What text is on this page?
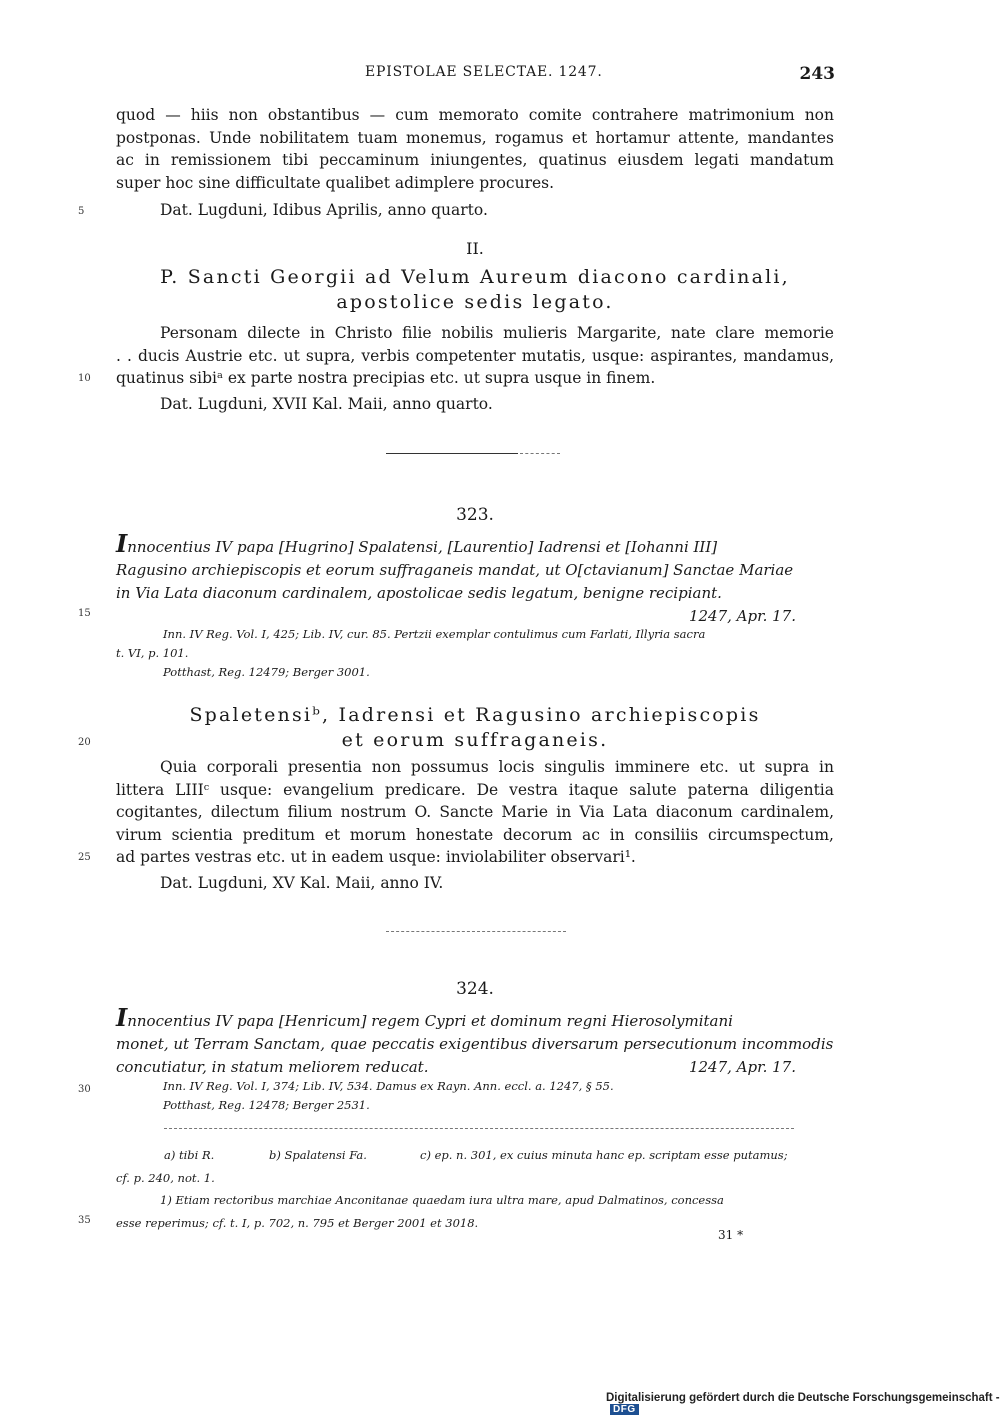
EPISTOLAE SELECTAE. 1247.	243
quod — hiis non obstantibus — cum memorato comite contrahere matrimonium non
postponas. Unde nobilitatem tuam monemus, rogamus et hortamur attente, mandantes
ac in remissionem tibi peccaminum iniungentes, quatinus eiusdem legati mandatum
super hoc sine difficultate qualibet adimplere procures.
Dat. Lugduni, Idibus Aprilis, anno quarto.
II.
P. Sancti Georgii ad Velum Aureum diacono cardinali,
apostolice sedis legato.
Personam dilecte in Christo filie nobilis mulieris Margarite, nate clare memorie
. . ducis Austrie etc. ut supra, verbis competenter mutatis, usque: aspirantes, mandamus,
quatinus sibiᵃ ex parte nostra precipias etc. ut supra usque in finem.
Dat. Lugduni, XVII Kal. Maii, anno quarto.
323.
Innocentius IV papa [Hugrino] Spalatensi, [Laurentio] Iadrensi et [Iohanni III]
Ragusino archiepiscopis et eorum suffraganeis mandat, ut O[ctavianum] Sanctae Mariae
in Via Lata diaconum cardinalem, apostolicae sedis legatum, benigne recipiant.
1247, Apr. 17.
Inn. IV Reg. Vol. I, 425; Lib. IV, cur. 85. Pertzii exemplar contulimus cum Farlati, Illyria sacra
t. VI, p. 101.
Potthast, Reg. 12479; Berger 3001.
Spaletensiᵇ, Iadrensi et Ragusino archiepiscopis
et eorum suffraganeis.
Quia corporali presentia non possumus locis singulis imminere etc. ut supra in
littera LIIIᶜ usque: evangelium predicare. De vestra itaque salute paterna diligentia
cogitantes, dilectum filium nostrum O. Sancte Marie in Via Lata diaconum cardinalem,
virum scientia preditum et morum honestate decorum ac in consiliis circumspectum,
ad partes vestras etc. ut in eadem usque: inviolabiliter observari¹.
Dat. Lugduni, XV Kal. Maii, anno IV.
324.
Innocentius IV papa [Henricum] regem Cypri et dominum regni Hierosolymitani
monet, ut Terram Sanctam, quae peccatis exigentibus diversarum persecutionum incommodis
concutiatur, in statum meliorem reducat.	1247, Apr. 17.
Inn. IV Reg. Vol. I, 374; Lib. IV, 534. Damus ex Rayn. Ann. eccl. a. 1247, § 55.
Potthast, Reg. 12478; Berger 2531.
a) tibi R.	b) Spalatensi Fa.	c) ep. n. 301, ex cuius minuta hanc ep. scriptam esse putamus;
cf. p. 240, not. 1.
1) Etiam rectoribus marchiae Anconitanae quaedam iura ultra mare, apud Dalmatinos, concessa
esse reperimus; cf. t. I, p. 702, n. 795 et Berger 2001 et 3018.
31 *
5
10
15
20
25
30
35
Digitalisierung gefördert durch die Deutsche Forschungsgemeinschaft -DFG
